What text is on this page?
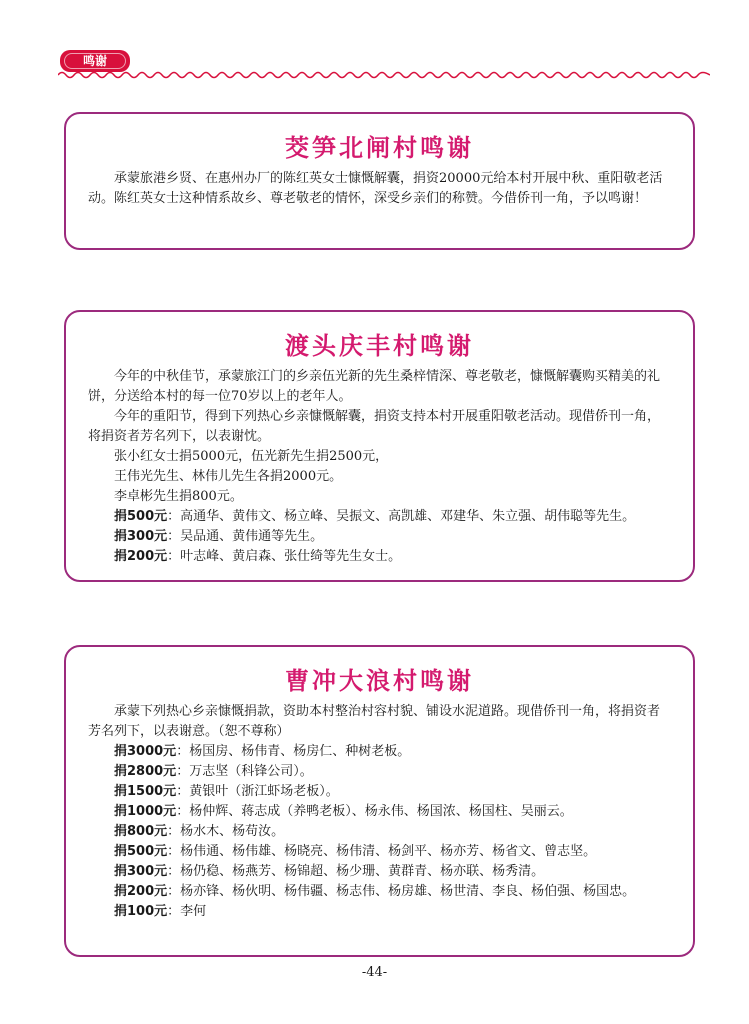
鸣谢
茭笋北闸村鸣谢

承蒙旅港乡贤、在惠州办厂的陈红英女士慷慨解囊，捐资20000元给本村开展中秋、重阳敬老活动。陈红英女士这种情系故乡、尊老敬老的情怀，深受乡亲们的称赞。今借侨刊一角，予以鸣谢！

渡头庆丰村鸣谢

今年的中秋佳节，承蒙旅江门的乡亲伍光新的先生桑梓情深、尊老敬老，慷慨解囊购买精美的礼饼，分送给本村的每一位70岁以上的老年人。

今年的重阳节，得到下列热心乡亲慷慨解囊，捐资支持本村开展重阳敬老活动。现借侨刊一角，将捐资者芳名列下，以表谢忱。

张小红女士捐5000元，伍光新先生捐2500元，

王伟光先生、林伟儿先生各捐2000元。

李卓彬先生捐800元。

捐500元：高通华、黄伟文、杨立峰、吴振文、高凯雄、邓建华、朱立强、胡伟聪等先生。

捐300元：吴品通、黄伟通等先生。

捐200元：叶志峰、黄启森、张仕绮等先生女士。

曹冲大浪村鸣谢

承蒙下列热心乡亲慷慨捐款，资助本村整治村容村貌、铺设水泥道路。现借侨刊一角，将捐资者芳名列下，以表谢意。（恕不尊称）

捐3000元：杨国房、杨伟青、杨房仁、种树老板。

捐2800元：万志坚（科锋公司）。

捐1500元：黄银叶（浙江虾场老板）。

捐1000元：杨仲辉、蒋志成（养鸭老板）、杨永伟、杨国浓、杨国柱、吴丽云。

捐800元：杨水木、杨苟汝。

捐500元：杨伟通、杨伟雄、杨晓亮、杨伟清、杨剑平、杨亦芳、杨省文、曾志坚。

捐300元：杨仍稳、杨燕芳、杨锦超、杨少珊、黄群青、杨亦联、杨秀清。

捐200元：杨亦锋、杨伙明、杨伟疆、杨志伟、杨房雄、杨世清、李良、杨伯强、杨国忠。

捐100元：李何

-44-
